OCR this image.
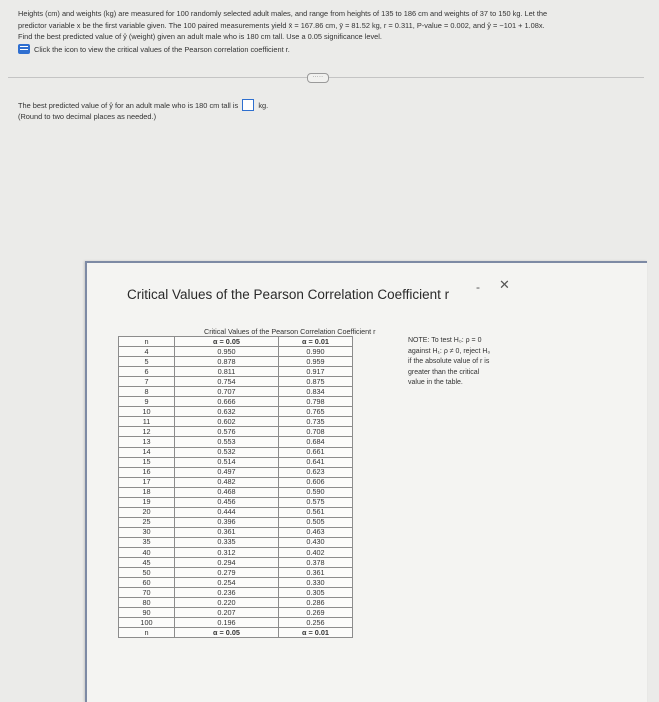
Heights (cm) and weights (kg) are measured for 100 randomly selected adult males, and range from heights of 135 to 186 cm and weights of 37 to 150 kg. Let the

predictor variable x be the first variable given. The 100 paired measurements yield x̄ = 167.86 cm, ȳ = 81.52 kg, r = 0.311, P-value = 0.002, and ŷ = −101 + 1.08x.

Find the best predicted value of ŷ (weight) given an adult male who is 180 cm tall. Use a 0.05 significance level.

Click the icon to view the critical values of the Pearson correlation coefficient r.
·····

The best predicted value of ŷ for an adult male who is 180 cm tall is	kg.

(Round to two decimal places as needed.)

Critical Values of the Pearson Correlation Coefficient r - ✕
Critical Values of the Pearson Correlation Coefficient r
n	α = 0.05	α = 0.01
4	0.950	0.990
5	0.878	0.959
6	0.811	0.917
7	0.754	0.875
8	0.707	0.834
9	0.666	0.798
10	0.632	0.765
11	0.602	0.735
12	0.576	0.708
13	0.553	0.684
14	0.532	0.661
15	0.514	0.641
16	0.497	0.623
17	0.482	0.606
18	0.468	0.590
19	0.456	0.575
20	0.444	0.561
25	0.396	0.505
30	0.361	0.463
35	0.335	0.430
40	0.312	0.402
45	0.294	0.378
50	0.279	0.361
60	0.254	0.330
70	0.236	0.305
80	0.220	0.286
90	0.207	0.269
100	0.196	0.256
n	α = 0.05	α = 0.01
NOTE: To test H₀: ρ = 0 against H₁: ρ ≠ 0, reject H₀ if the absolute value of r is greater than the critical value in the table.
